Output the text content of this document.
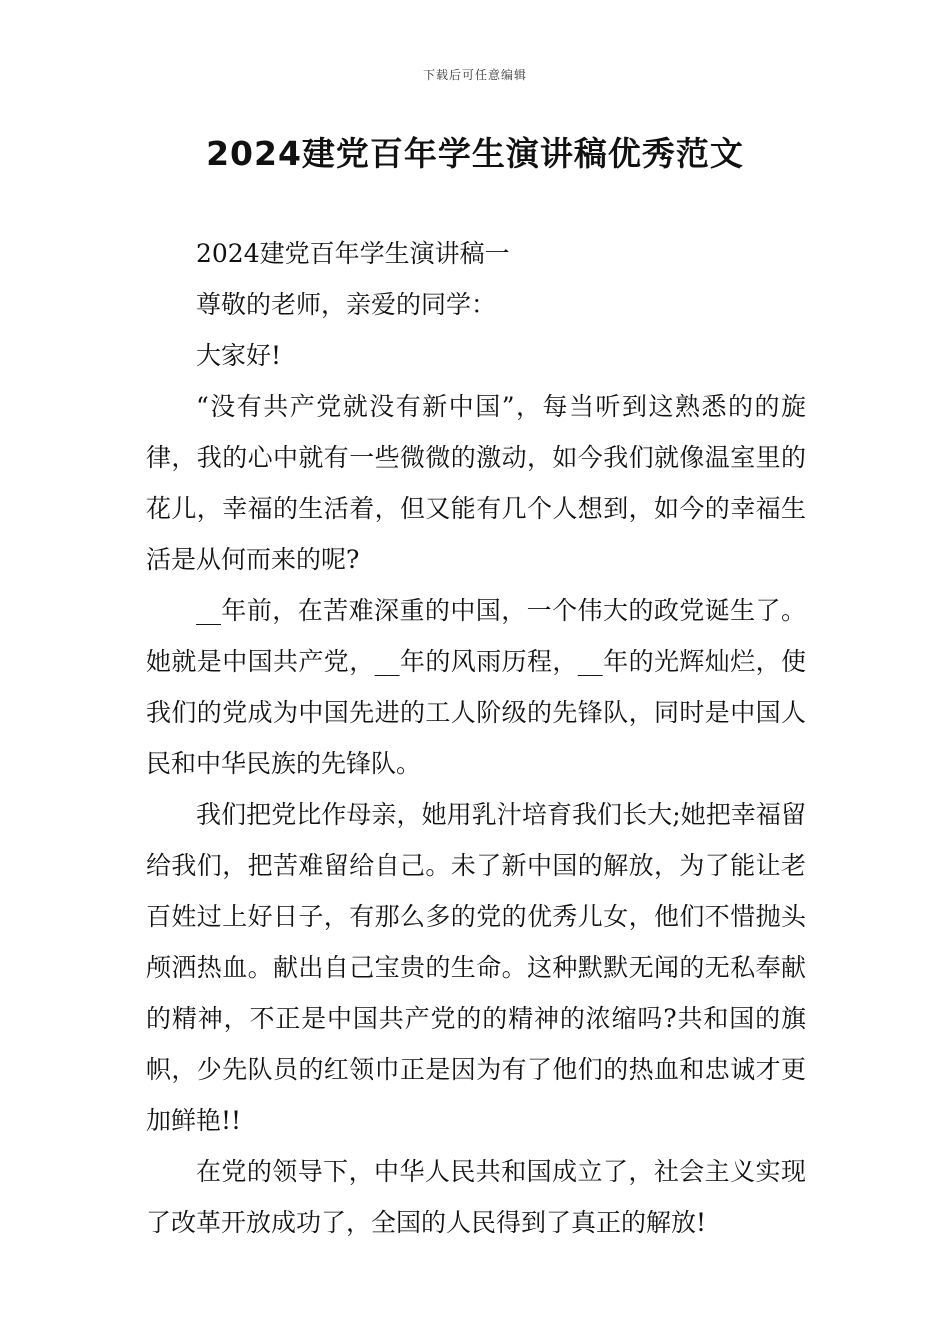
下载后可任意编辑
2024建党百年学生演讲稿优秀范文

2024建党百年学生演讲稿一

尊敬的老师，亲爱的同学：

大家好!

“没有共产党就没有新中国”，每当听到这熟悉的的旋律，我的心中就有一些微微的激动，如今我们就像温室里的花儿，幸福的生活着，但又能有几个人想到，如今的幸福生活是从何而来的呢?

__年前，在苦难深重的中国，一个伟大的政党诞生了。她就是中国共产党，__年的风雨历程，__年的光辉灿烂，使我们的党成为中国先进的工人阶级的先锋队，同时是中国人民和中华民族的先锋队。

我们把党比作母亲，她用乳汁培育我们长大;她把幸福留给我们，把苦难留给自己。未了新中国的解放，为了能让老百姓过上好日子，有那么多的党的优秀儿女，他们不惜抛头颅洒热血。献出自己宝贵的生命。这种默默无闻的无私奉献的精神，不正是中国共产党的的精神的浓缩吗?共和国的旗帜，少先队员的红领巾正是因为有了他们的热血和忠诚才更加鲜艳!!

在党的领导下，中华人民共和国成立了，社会主义实现了改革开放成功了，全国的人民得到了真正的解放!
